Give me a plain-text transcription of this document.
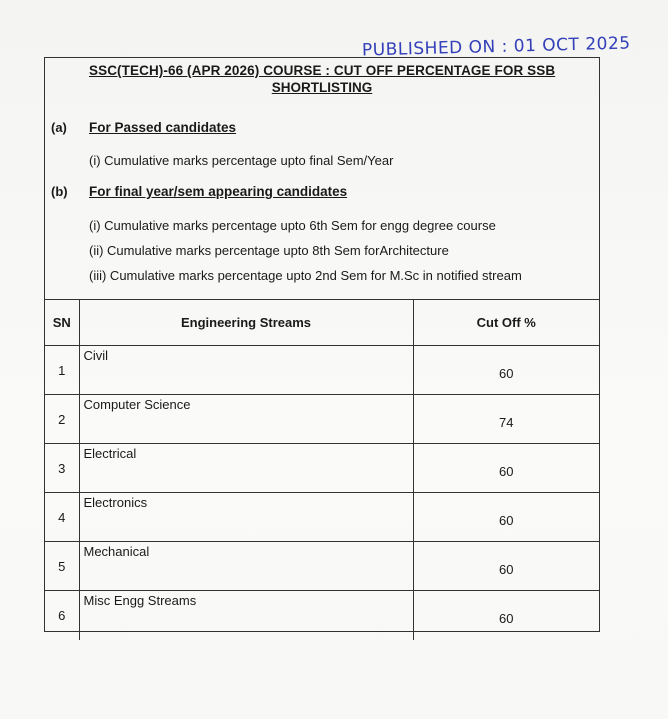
PUBLISHED ON : 01 OCT 2025
SSC(TECH)-66 (APR 2026) COURSE : CUT OFF PERCENTAGE FOR SSB
SHORTLISTING
(a) For Passed candidates
(i) Cumulative marks percentage upto final Sem/Year
(b) For final year/sem appearing candidates
(i) Cumulative marks percentage upto 6th Sem for engg degree course
(ii) Cumulative marks percentage upto 8th Sem forArchitecture
(iii) Cumulative marks percentage upto 2nd Sem for M.Sc in notified stream
SN	Engineering Streams	Cut Off %
1	Civil	60
2	Computer Science	74
3	Electrical	60
4	Electronics	60
5	Mechanical	60
6	Misc Engg Streams	60
